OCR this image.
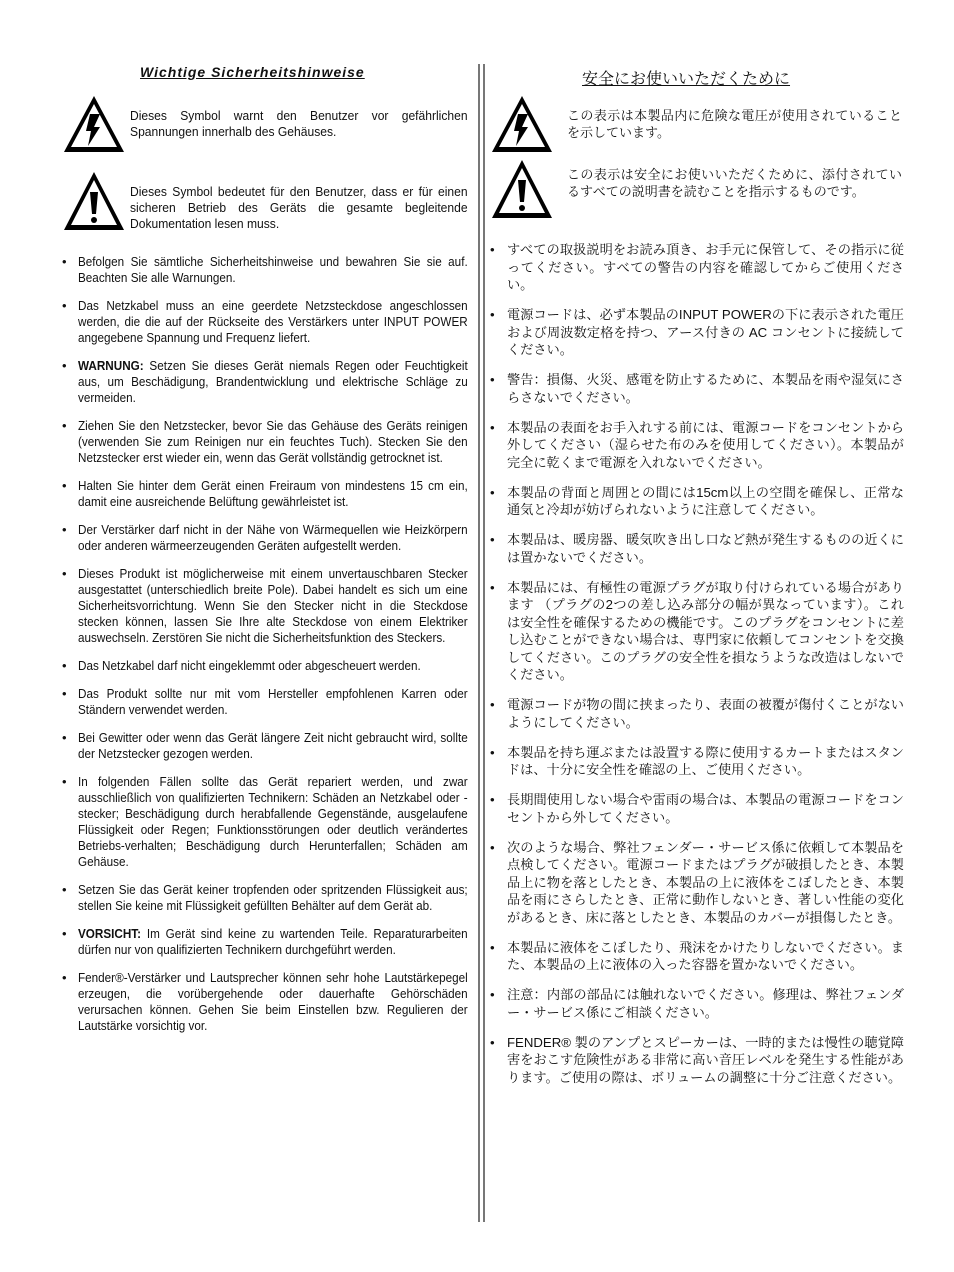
Wichtige Sicherheitshinweise
Dieses Symbol warnt den Benutzer vor gefährlichen Spannungen innerhalb des Gehäuses.
Dieses Symbol bedeutet für den Benutzer, dass er für einen sicheren Betrieb des Geräts die gesamte begleitende Dokumentation lesen muss.
• Befolgen Sie sämtliche Sicherheitshinweise und bewahren Sie sie auf. Beachten Sie alle Warnungen.
• Das Netzkabel muss an eine geerdete Netzsteckdose angeschlossen werden, die die auf der Rückseite des Verstärkers unter INPUT POWER angegebene Spannung und Frequenz liefert.
• WARNUNG: Setzen Sie dieses Gerät niemals Regen oder Feuchtigkeit aus, um Beschädigung, Brandentwicklung und elektrische Schläge zu vermeiden.
• Ziehen Sie den Netzstecker, bevor Sie das Gehäuse des Geräts reinigen (verwenden Sie zum Reinigen nur ein feuchtes Tuch). Stecken Sie den Netzstecker erst wieder ein, wenn das Gerät vollständig getrocknet ist.
• Halten Sie hinter dem Gerät einen Freiraum von mindestens 15 cm ein, damit eine ausreichende Belüftung gewährleistet ist.
• Der Verstärker darf nicht in der Nähe von Wärmequellen wie Heizkörpern oder anderen wärmeerzeugenden Geräten aufgestellt werden.
• Dieses Produkt ist möglicherweise mit einem unvertauschbaren Stecker ausgestattet (unterschiedlich breite Pole). Dabei handelt es sich um eine Sicherheitsvorrichtung. Wenn Sie den Stecker nicht in die Steckdose stecken können, lassen Sie Ihre alte Steckdose von einem Elektriker auswechseln. Zerstören Sie nicht die Sicherheitsfunktion des Steckers.
• Das Netzkabel darf nicht eingeklemmt oder abgescheuert werden.
• Das Produkt sollte nur mit vom Hersteller empfohlenen Karren oder Ständern verwendet werden.
• Bei Gewitter oder wenn das Gerät längere Zeit nicht gebraucht wird, sollte der Netzstecker gezogen werden.
• In folgenden Fällen sollte das Gerät repariert werden, und zwar ausschließlich von qualifizierten Technikern: Schäden an Netzkabel oder -stecker; Beschädigung durch herabfallende Gegenstände, ausgelaufene Flüssigkeit oder Regen; Funktionsstörungen oder deutlich verändertes Betriebs-verhalten; Beschädigung durch Herunterfallen; Schäden am Gehäuse.
• Setzen Sie das Gerät keiner tropfenden oder spritzenden Flüssigkeit aus; stellen Sie keine mit Flüssigkeit gefüllten Behälter auf dem Gerät ab.
• VORSICHT: Im Gerät sind keine zu wartenden Teile. Reparaturarbeiten dürfen nur von qualifizierten Technikern durchgeführt werden.
• Fender®-Verstärker und Lautsprecher können sehr hohe Lautstärkepegel erzeugen, die vorübergehende oder dauerhafte Gehörschäden verursachen können. Gehen Sie beim Einstellen bzw. Regulieren der Lautstärke vorsichtig vor.
安全にお使いいただくために
この表示は本製品内に危険な電圧が使用されていることを示しています。
この表示は安全にお使いいただくために、添付されているすべての説明書を読むことを指示するものです。
• すべての取扱説明をお読み頂き、お手元に保管して、その指示に従ってください。すべての警告の内容を確認してからご使用ください。
• 電源コードは、必ず本製品のINPUT POWERの下に表示された電圧および周波数定格を持つ、アース付きの AC コンセントに接続してください。
• 警告：損傷、火災、感電を防止するために、本製品を雨や湿気にさらさないでください。
• 本製品の表面をお手入れする前には、電源コードをコンセントから外してください（湿らせた布のみを使用してください）。本製品が完全に乾くまで電源を入れないでください。
• 本製品の背面と周囲との間には15cm以上の空間を確保し、正常な通気と冷却が妨げられないように注意してください。
• 本製品は、暖房器、暖気吹き出し口など熱が発生するものの近くには置かないでください。
• 本製品には、有極性の電源プラグが取り付けられている場合があります （プラグの2つの差し込み部分の幅が異なっています）。これは安全性を確保するための機能です。このプラグをコンセントに差し込むことができない場合は、専門家に依頼してコンセントを交換してください。このプラグの安全性を損なうような改造はしないでください。
• 電源コードが物の間に挟まったり、表面の被覆が傷付くことがないようにしてください。
• 本製品を持ち運ぶまたは設置する際に使用するカートまたはスタンドは、十分に安全性を確認の上、ご使用ください。
• 長期間使用しない場合や雷雨の場合は、本製品の電源コードをコンセントから外してください。
• 次のような場合、弊社フェンダー・サービス係に依頼して本製品を点検してください。電源コードまたはプラグが破損したとき、本製品上に物を落としたとき、本製品の上に液体をこぼしたとき、本製品を雨にさらしたとき、正常に動作しないとき、著しい性能の変化があるとき、床に落としたとき、本製品のカバーが損傷したとき。
• 本製品に液体をこぼしたり、飛沫をかけたりしないでください。また、本製品の上に液体の入った容器を置かないでください。
• 注意：内部の部品には触れないでください。修理は、弊社フェンダー・サービス係にご相談ください。
• FENDER® 製のアンプとスピーカーは、一時的または慢性の聴覚障害をおこす危険性がある非常に高い音圧レベルを発生する性能があります。ご使用の際は、ボリュームの調整に十分ご注意ください。
